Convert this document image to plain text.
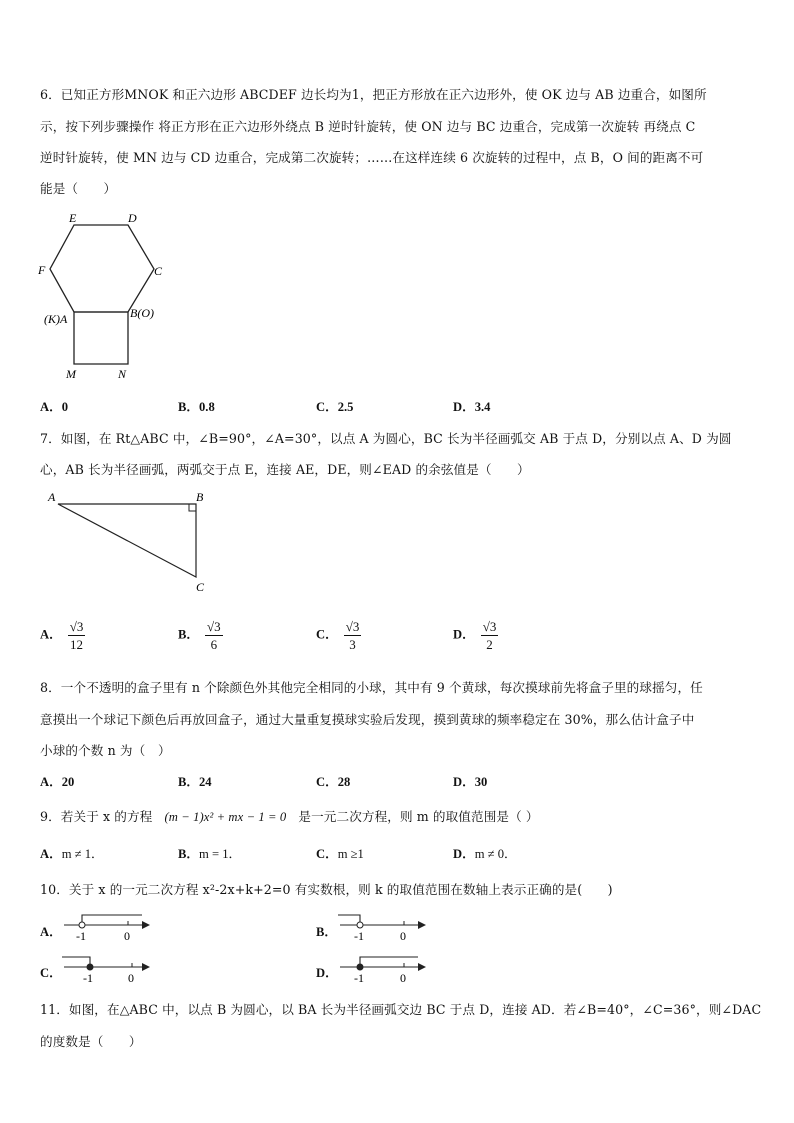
6．已知正方形MNOK 和正六边形 ABCDEF 边长均为1，把正方形放在正六边形外，使 OK 边与 AB 边重合，如图所
示，按下列步骤操作 将正方形在正六边形外绕点 B 逆时针旋转，使 ON 边与 BC 边重合，完成第一次旋转 再绕点 C
逆时针旋转，使 MN 边与 CD 边重合，完成第二次旋转；……在这样连续 6 次旋转的过程中，点 B，O 间的距离不可
能是（　　）
E	D
F	C
(K)A	B(O)
M	N
A．0	B．0.8	C．2.5	D．3.4
7．如图，在 Rt△ABC 中，∠B=90°，∠A=30°，以点 A 为圆心，BC 长为半径画弧交 AB 于点 D，分别以点 A、D 为圆
心，AB 长为半径画弧，两弧交于点 E，连接 AE，DE，则∠EAD 的余弦值是（　　）
A	B
C
A． $\frac{√3}{12}$	B． $\frac{√3}{6}$	C． $\frac{√3}{3}$	D． $\frac{√3}{2}$
8．一个不透明的盒子里有 n 个除颜色外其他完全相同的小球，其中有 9 个黄球，每次摸球前先将盒子里的球摇匀，任
意摸出一个球记下颜色后再放回盒子，通过大量重复摸球实验后发现，摸到黄球的频率稳定在 30%，那么估计盒子中
小球的个数 n 为（　）
A．20	B．24	C．28	D．30
9．若关于 x 的方程 (m − 1)x² + mx − 1 = 0 是一元二次方程，则 m 的取值范围是（ ）
A．m ≠ 1．	B．m = 1．	C．m ≥1	D．m ≠ 0．
10．关于 x 的一元二次方程 x²-2x+k+2=0 有实数根，则 k 的取值范围在数轴上表示正确的是(　　)
A． -1	0	B． -1	0
C． -1	0	D． -1	0
11．如图，在△ABC 中，以点 B 为圆心，以 BA 长为半径画弧交边 BC 于点 D，连接 AD．若∠B=40°，∠C=36°，则∠DAC
的度数是（　　）
